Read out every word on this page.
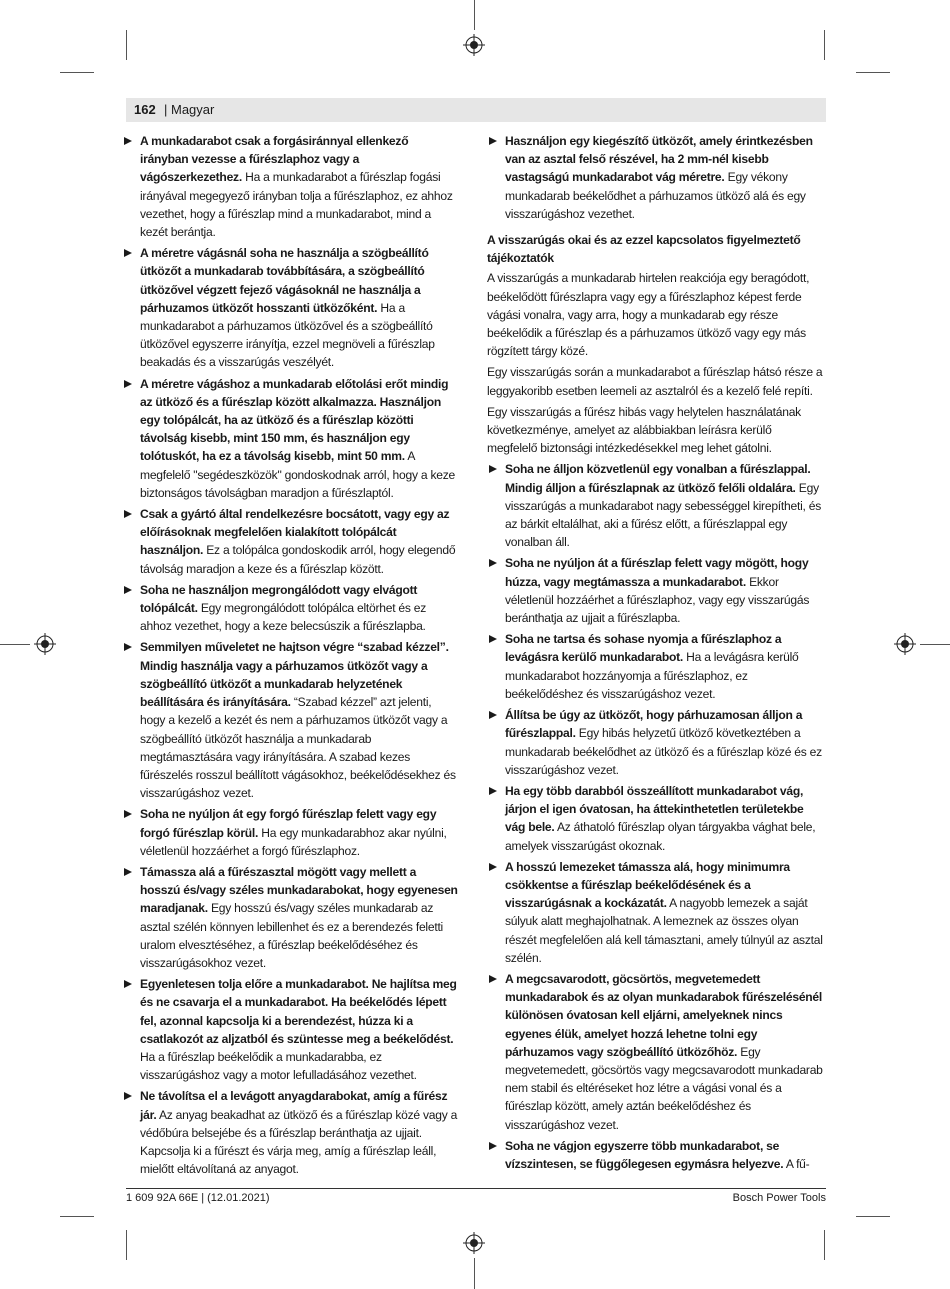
162
|	Magyar
A munkadarabot csak a forgásiránnyal ellenkező irányban vezesse a fűrészlaphoz vagy a vágószerkezethez. Ha a munkadarabot a fűrészlap fogási irányával megegyező irányban tolja a fűrészlaphoz, ez ahhoz vezethet, hogy a fűrészlap mind a munkadarabot, mind a kezét berántja.
A méretre vágásnál soha ne használja a szögbeállító ütközőt a munkadarab továbbítására, a szögbeállító ütközővel végzett fejező vágásoknál ne használja a párhuzamos ütközőt hosszanti ütközőként. Ha a munkadarabot a párhuzamos ütközővel és a szögbeállító ütközővel egyszerre irányítja, ezzel megnöveli a fűrészlap beakadás és a visszarúgás veszélyét.
A méretre vágáshoz a munkadarab előtolási erőt mindig az ütköző és a fűrészlap között alkalmazza. Használjon egy tolópálcát, ha az ütköző és a fűrészlap közötti távolság kisebb, mint 150 mm, és használjon egy tolótuskót, ha ez a távolság kisebb, mint 50 mm. A megfelelő "segédeszközök" gondoskodnak arról, hogy a keze biztonságos távolságban maradjon a fűrészlaptól.
Csak a gyártó által rendelkezésre bocsátott, vagy egy az előírásoknak megfelelően kialakított tolópálcát használjon. Ez a tolópálca gondoskodik arról, hogy elegendő távolság maradjon a keze és a fűrészlap között.
Soha ne használjon megrongálódott vagy elvágott tolópálcát. Egy megrongálódott tolópálca eltörhet és ez ahhoz vezethet, hogy a keze belecsúszik a fűrészlapba.
Semmilyen műveletet ne hajtson végre “szabad kézzel”. Mindig használja vagy a párhuzamos ütközőt vagy a szögbeállító ütközőt a munkadarab helyzetének beállítására és irányítására. “Szabad kézzel” azt jelenti, hogy a kezelő a kezét és nem a párhuzamos ütközőt vagy a szögbeállító ütközőt használja a munkadarab megtámasztására vagy irányítására. A szabad kezes fűrészelés rosszul beállított vágásokhoz, beékelődésekhez és visszarúgáshoz vezet.
Soha ne nyúljon át egy forgó fűrészlap felett vagy egy forgó fűrészlap körül. Ha egy munkadarabhoz akar nyúlni, véletlenül hozzáérhet a forgó fűrészlaphoz.
Támassza alá a fűrészasztal mögött vagy mellett a hosszú és/vagy széles munkadarabokat, hogy egyenesen maradjanak. Egy hosszú és/vagy széles munkadarab az asztal szélén könnyen lebillenhet és ez a berendezés feletti uralom elvesztéséhez, a fűrészlap beékelődéséhez és visszarúgásokhoz vezet.
Egyenletesen tolja előre a munkadarabot. Ne hajlítsa meg és ne csavarja el a munkadarabot. Ha beékelődés lépett fel, azonnal kapcsolja ki a berendezést, húzza ki a csatlakozót az aljzatból és szüntesse meg a beékelődést. Ha a fűrészlap beékelődik a munkadarabba, ez visszarúgáshoz vagy a motor lefulladásához vezethet.
Ne távolítsa el a levágott anyagdarabokat, amíg a fűrész jár. Az anyag beakadhat az ütköző és a fűrészlap közé vagy a védőbúra belsejébe és a fűrészlap beránthatja az ujjait. Kapcsolja ki a fűrészt és várja meg, amíg a fűrészlap leáll, mielőtt eltávolítaná az anyagot.
Használjon egy kiegészítő ütközőt, amely érintkezésben van az asztal felső részével, ha 2 mm-nél kisebb vastagságú munkadarabot vág méretre. Egy vékony munkadarab beékelődhet a párhuzamos ütköző alá és egy visszarúgáshoz vezethet.
A visszarúgás okai és az ezzel kapcsolatos figyelmeztető tájékoztatók

A visszarúgás a munkadarab hirtelen reakciója egy beragódott, beékelődött fűrészlapra vagy egy a fűrészlaphoz képest ferde vágási vonalra, vagy arra, hogy a munkadarab egy része beékelődik a fűrészlap és a párhuzamos ütköző vagy egy más rögzített tárgy közé.

Egy visszarúgás során a munkadarabot a fűrészlap hátsó része a leggyakoribb esetben leemeli az asztalról és a kezelő felé repíti.

Egy visszarúgás a fűrész hibás vagy helytelen használatának következménye, amelyet az alábbiakban leírásra kerülő megfelelő biztonsági intézkedésekkel meg lehet gátolni.

Soha ne álljon közvetlenül egy vonalban a fűrészlappal. Mindig álljon a fűrészlapnak az ütköző felőli oldalára. Egy visszarúgás a munkadarabot nagy sebességgel kirepítheti, és az bárkit eltalálhat, aki a fűrész előtt, a fűrészlappal egy vonalban áll.
Soha ne nyúljon át a fűrészlap felett vagy mögött, hogy húzza, vagy megtámassza a munkadarabot. Ekkor véletlenül hozzáérhet a fűrészlaphoz, vagy egy visszarúgás beránthatja az ujjait a fűrészlapba.
Soha ne tartsa és sohase nyomja a fűrészlaphoz a levágásra kerülő munkadarabot. Ha a levágásra kerülő munkadarabot hozzányomja a fűrészlaphoz, ez beékelődéshez és visszarúgáshoz vezet.
Állítsa be úgy az ütközőt, hogy párhuzamosan álljon a fűrészlappal. Egy hibás helyzetű ütköző következtében a munkadarab beékelődhet az ütköző és a fűrészlap közé és ez visszarúgáshoz vezet.
Ha egy több darabból összeállított munkadarabot vág, járjon el igen óvatosan, ha áttekinthetetlen területekbe vág bele. Az áthatoló fűrészlap olyan tárgyakba vághat bele, amelyek visszarúgást okoznak.
A hosszú lemezeket támassza alá, hogy minimumra csökkentse a fűrészlap beékelődésének és a visszarúgásnak a kockázatát. A nagyobb lemezek a saját súlyuk alatt meghajolhatnak. A lemeznek az összes olyan részét megfelelően alá kell támasztani, amely túlnyúl az asztal szélén.
A megcsavarodott, göcsörtös, megvetemedett munkadarabok és az olyan munkadarabok fűrészelésénél különösen óvatosan kell eljárni, amelyeknek nincs egyenes élük, amelyet hozzá lehetne tolni egy párhuzamos vagy szögbeállító ütközőhöz. Egy megvetemedett, göcsörtös vagy megcsavarodott munkadarab nem stabil és eltéréseket hoz létre a vágási vonal és a fűrészlap között, amely aztán beékelődéshez és visszarúgáshoz vezet.
Soha ne vágjon egyszerre több munkadarabot, se vízszintesen, se függőlegesen egymásra helyezve. A fű-
1 609 92A 66E | (12.01.2021)	Bosch Power Tools
